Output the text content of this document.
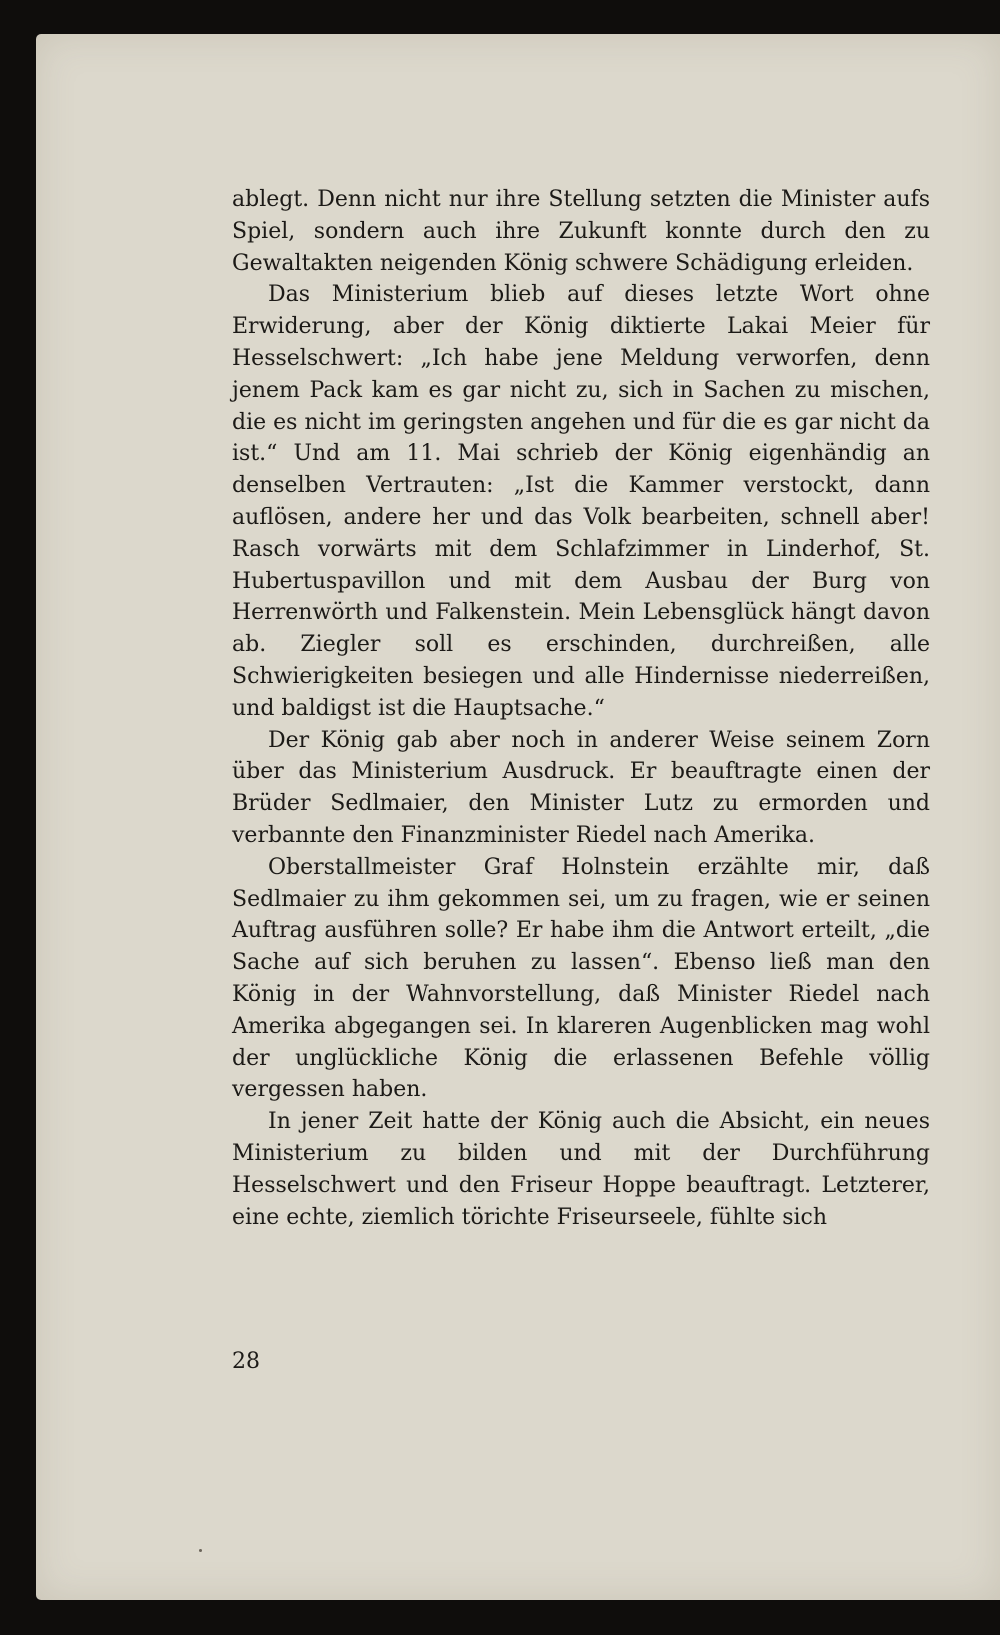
ablegt. Denn nicht nur ihre Stellung setzten die Minister aufs Spiel, sondern auch ihre Zukunft konnte durch den zu Gewaltakten neigenden König schwere Schädigung erleiden.

Das Ministerium blieb auf dieses letzte Wort ohne Erwiderung, aber der König diktierte Lakai Meier für Hesselschwert: „Ich habe jene Meldung verworfen, denn jenem Pack kam es gar nicht zu, sich in Sachen zu mischen, die es nicht im geringsten angehen und für die es gar nicht da ist.“ Und am 11. Mai schrieb der König eigenhändig an denselben Vertrauten: „Ist die Kammer verstockt, dann auflösen, andere her und das Volk bearbeiten, schnell aber! Rasch vorwärts mit dem Schlafzimmer in Linderhof, St. Hubertuspavillon und mit dem Ausbau der Burg von Herrenwörth und Falkenstein. Mein Lebensglück hängt davon ab. Ziegler soll es erschinden, durchreißen, alle Schwierigkeiten besiegen und alle Hindernisse niederreißen, und baldigst ist die Hauptsache.“

Der König gab aber noch in anderer Weise seinem Zorn über das Ministerium Ausdruck. Er beauftragte einen der Brüder Sedlmaier, den Minister Lutz zu ermorden und verbannte den Finanzminister Riedel nach Amerika.

Oberstallmeister Graf Holnstein erzählte mir, daß Sedlmaier zu ihm gekommen sei, um zu fragen, wie er seinen Auftrag ausführen solle? Er habe ihm die Antwort erteilt, „die Sache auf sich beruhen zu lassen“. Ebenso ließ man den König in der Wahnvorstellung, daß Minister Riedel nach Amerika abgegangen sei. In klareren Augenblicken mag wohl der unglückliche König die erlassenen Befehle völlig vergessen haben.

In jener Zeit hatte der König auch die Absicht, ein neues Ministerium zu bilden und mit der Durchführung Hesselschwert und den Friseur Hoppe beauftragt. Letzterer, eine echte, ziemlich törichte Friseurseele, fühlte sich

28
